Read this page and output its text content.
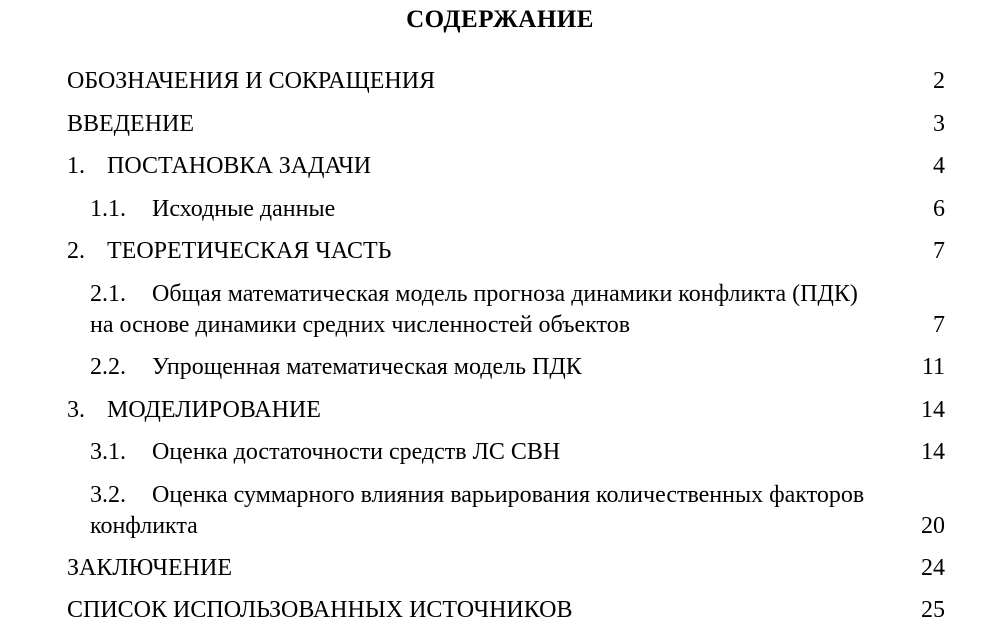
СОДЕРЖАНИЕ
ОБОЗНАЧЕНИЯ И СОКРАЩЕНИЯ	2
ВВЕДЕНИЕ	3
1. ПОСТАНОВКА ЗАДАЧИ	4
1.1. Исходные данные	6
2. ТЕОРЕТИЧЕСКАЯ ЧАСТЬ	7
2.1. Общая математическая модель прогноза динамики конфликта (ПДК)
на основе динамики средних численностей объектов	7
2.2. Упрощенная математическая модель ПДК	11
3. МОДЕЛИРОВАНИЕ	14
3.1. Оценка достаточности средств ЛС СВН	14
3.2. Оценка суммарного влияния варьирования количественных факторов
конфликта	20
ЗАКЛЮЧЕНИЕ	24
СПИСОК ИСПОЛЬЗОВАННЫХ ИСТОЧНИКОВ	25
